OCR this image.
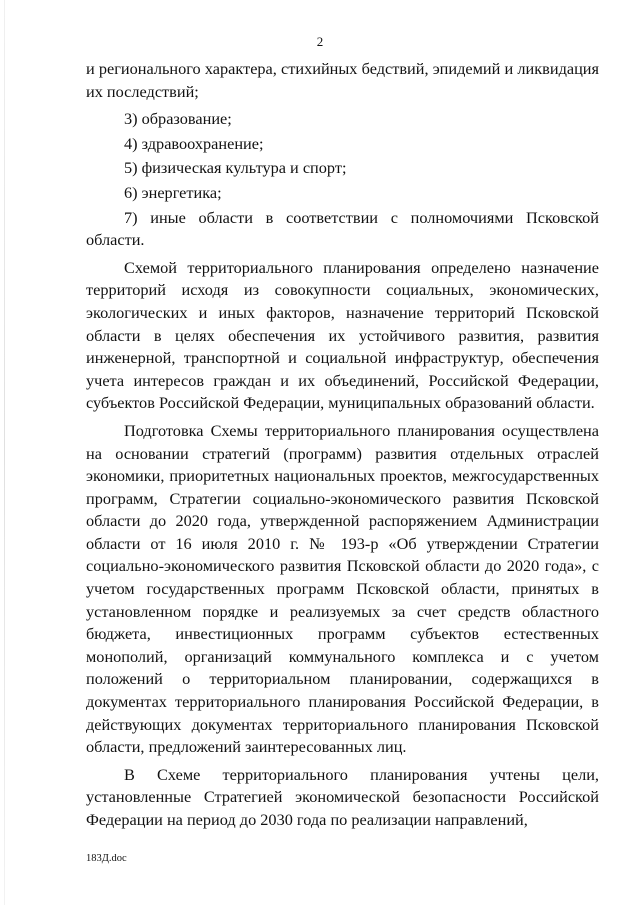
2

и регионального характера, стихийных бедствий, эпидемий и ликвидация их последствий;

3) образование;

4) здравоохранение;

5) физическая культура и спорт;

6) энергетика;

7) иные области в соответствии с полномочиями Псковской области.

Схемой территориального планирования определено назначение территорий исходя из совокупности социальных, экономических, экологических и иных факторов, назначение территорий Псковской области в целях обеспечения их устойчивого развития, развития инженерной, транспортной и социальной инфраструктур, обеспечения учета интересов граждан и их объединений, Российской Федерации, субъектов Российской Федерации, муниципальных образований области.

Подготовка Схемы территориального планирования осуществлена на основании стратегий (программ) развития отдельных отраслей экономики, приоритетных национальных проектов, межгосударственных программ, Стратегии социально-экономического развития Псковской области до 2020 года, утвержденной распоряжением Администрации области от 16 июля 2010 г. № 193-р «Об утверждении Стратегии социально-экономического развития Псковской области до 2020 года», с учетом государственных программ Псковской области, принятых в установленном порядке и реализуемых за счет средств областного бюджета, инвестиционных программ субъектов естественных монополий, организаций коммунального комплекса и с учетом положений о территориальном планировании, содержащихся в документах территориального планирования Российской Федерации, в действующих документах территориального планирования Псковской области, предложений заинтересованных лиц.

В Схеме территориального планирования учтены цели, установленные Стратегией экономической безопасности Российской Федерации на период до 2030 года по реализации направлений,

183Д.doc
